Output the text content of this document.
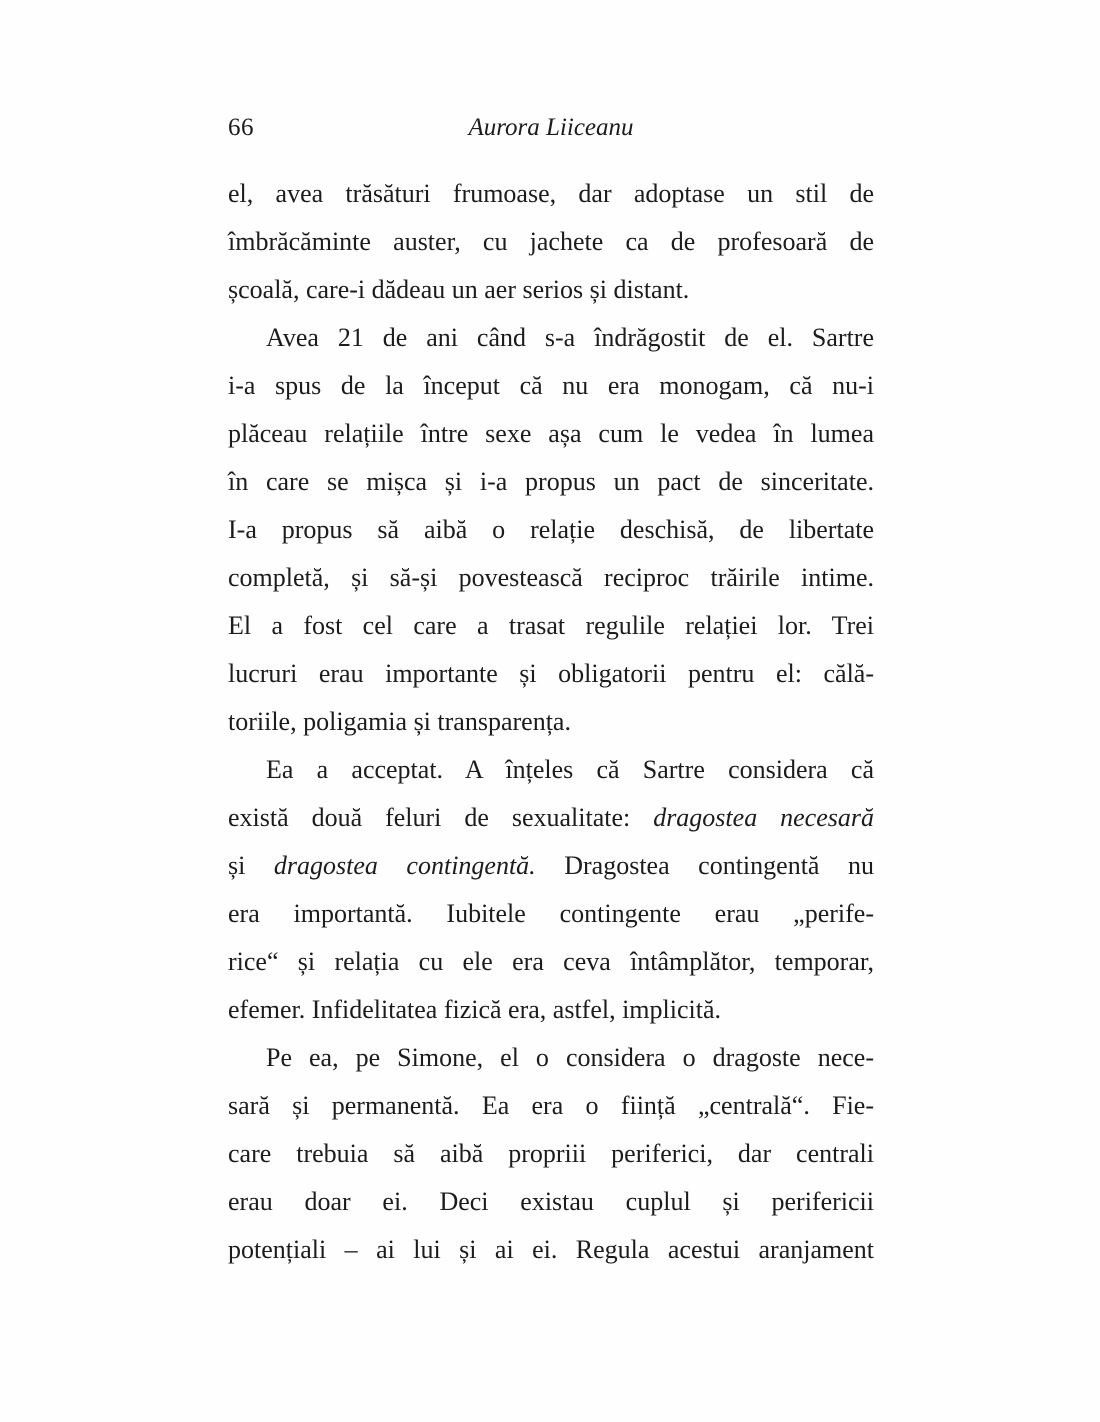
66	Aurora Liiceanu
el, avea trăsături frumoase, dar adoptase un stil de
îmbrăcăminte auster, cu jachete ca de profesoară de
școală, care-i dădeau un aer serios și distant.
Avea 21 de ani când s-a îndrăgostit de el. Sartre
i-a spus de la început că nu era monogam, că nu-i
plăceau relațiile între sexe așa cum le vedea în lumea
în care se mișca și i-a propus un pact de sinceritate.
I-a propus să aibă o relație deschisă, de libertate
completă, și să-și povestească reciproc trăirile intime.
El a fost cel care a trasat regulile relației lor. Trei
lucruri erau importante și obligatorii pentru el: călă-
toriile, poligamia și transparența.
Ea a acceptat. A înțeles că Sartre considera că
există două feluri de sexualitate: dragostea necesară
și dragostea contingentă. Dragostea contingentă nu
era importantă. Iubitele contingente erau „perife-
rice“ și relația cu ele era ceva întâmplător, temporar,
efemer. Infidelitatea fizică era, astfel, implicită.
Pe ea, pe Simone, el o considera o dragoste nece-
sară și permanentă. Ea era o ființă „centrală“. Fie-
care trebuia să aibă propriii periferici, dar centrali
erau doar ei. Deci existau cuplul și perifericii
potențiali – ai lui și ai ei. Regula acestui aranjament
